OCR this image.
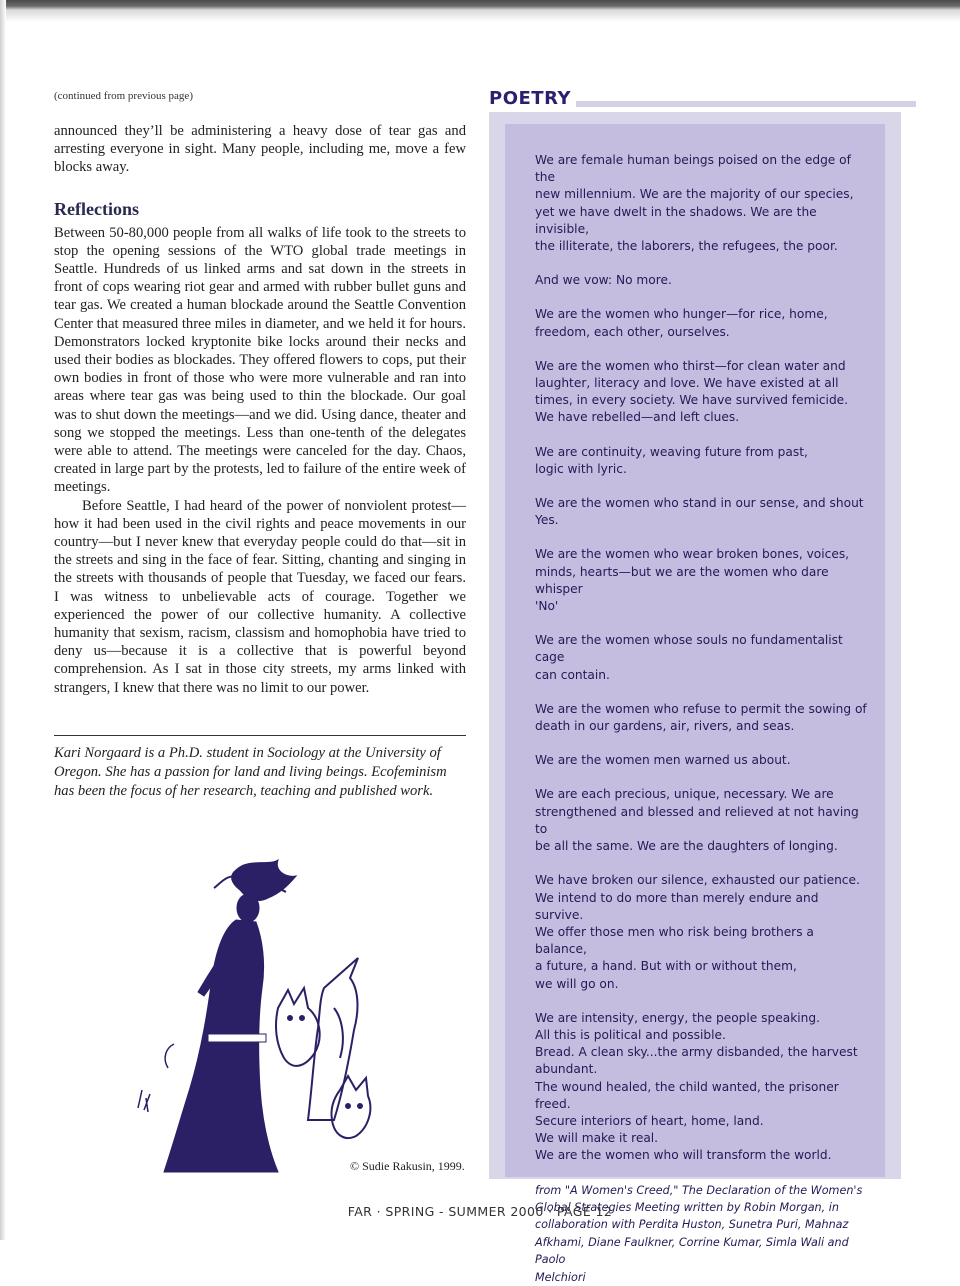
(continued from previous page)

announced they’ll be administering a heavy dose of tear gas and arresting everyone in sight. Many people, including me, move a few blocks away.

Reflections

Between 50-80,000 people from all walks of life took to the streets to stop the opening sessions of the WTO global trade meetings in Seattle. Hundreds of us linked arms and sat down in the streets in front of cops wearing riot gear and armed with rubber bullet guns and tear gas. We created a human blockade around the Seattle Convention Center that measured three miles in diameter, and we held it for hours. Demonstrators locked kryptonite bike locks around their necks and used their bodies as blockades. They offered flowers to cops, put their own bodies in front of those who were more vulnerable and ran into areas where tear gas was being used to thin the blockade. Our goal was to shut down the meetings—and we did. Using dance, theater and song we stopped the meetings. Less than one-tenth of the delegates were able to attend. The meetings were canceled for the day. Chaos, created in large part by the protests, led to failure of the entire week of meetings.

Before Seattle, I had heard of the power of nonviolent protest—how it had been used in the civil rights and peace movements in our country—but I never knew that everyday people could do that—sit in the streets and sing in the face of fear. Sitting, chanting and singing in the streets with thousands of people that Tuesday, we faced our fears. I was witness to unbelievable acts of courage. Together we experienced the power of our collective humanity. A collective humanity that sexism, racism, classism and homophobia have tried to deny us—because it is a collective that is powerful beyond comprehension. As I sat in those city streets, my arms linked with strangers, I knew that there was no limit to our power.

Kari Norgaard is a Ph.D. student in Sociology at the University of Oregon. She has a passion for land and living beings. Ecofeminism has been the focus of her research, teaching and published work.

© Sudie Rakusin, 1999.
POETRY

We are female human beings poised on the edge of the
new millennium. We are the majority of our species,
yet we have dwelt in the shadows. We are the invisible,
the illiterate, the laborers, the refugees, the poor.

And we vow: No more.

We are the women who hunger—for rice, home,
freedom, each other, ourselves.

We are the women who thirst—for clean water and
laughter, literacy and love. We have existed at all
times, in every society. We have survived femicide.
We have rebelled—and left clues.

We are continuity, weaving future from past,
logic with lyric.

We are the women who stand in our sense, and shout
Yes.

We are the women who wear broken bones, voices,
minds, hearts—but we are the women who dare whisper
'No'

We are the women whose souls no fundamentalist cage
can contain.

We are the women who refuse to permit the sowing of
death in our gardens, air, rivers, and seas.

We are the women men warned us about.

We are each precious, unique, necessary. We are
strengthened and blessed and relieved at not having to
be all the same. We are the daughters of longing.

We have broken our silence, exhausted our patience.
We intend to do more than merely endure and
survive.
We offer those men who risk being brothers a balance,
a future, a hand. But with or without them,
we will go on.

We are intensity, energy, the people speaking.
All this is political and possible.
Bread. A clean sky...the army disbanded, the harvest
abundant.
The wound healed, the child wanted, the prisoner
freed.
Secure interiors of heart, home, land.
We will make it real.
We are the women who will transform the world.

from "A Women's Creed," The Declaration of the Women's
Global Strategies Meeting written by Robin Morgan, in
collaboration with Perdita Huston, Sunetra Puri, Mahnaz
Afkhami, Diane Faulkner, Corrine Kumar, Simla Wali and Paolo
Melchiori

FAR · SPRING - SUMMER 2000 · PAGE 12
